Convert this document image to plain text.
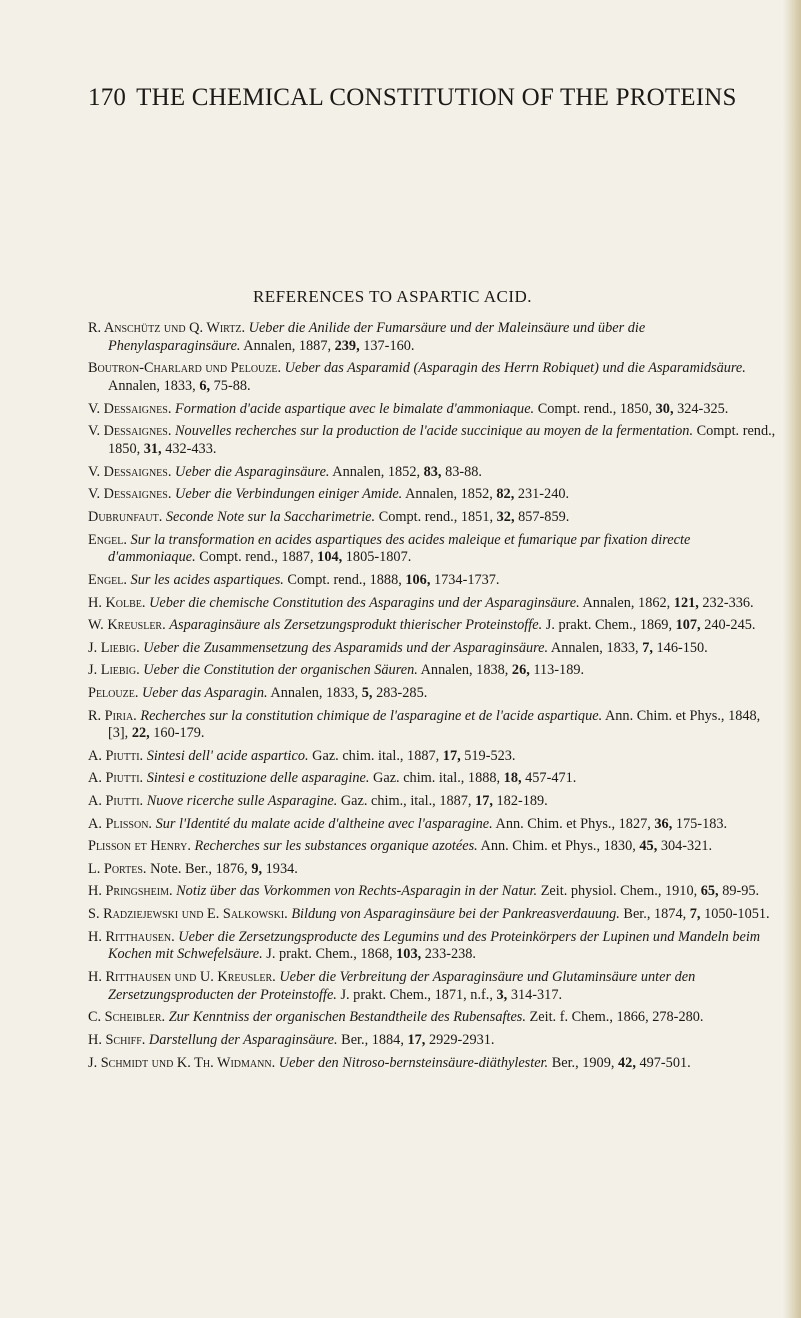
170 THE CHEMICAL CONSTITUTION OF THE PROTEINS
REFERENCES TO ASPARTIC ACID.

R. Anschütz und Q. Wirtz. Ueber die Anilide der Fumarsäure und der Maleinsäure und über die Phenylasparaginsäure. Annalen, 1887, 239, 137-160.

Boutron-Charlard und Pelouze. Ueber das Asparamid (Asparagin des Herrn Robiquet) und die Asparamidsäure. Annalen, 1833, 6, 75-88.

V. Dessaignes. Formation d'acide aspartique avec le bimalate d'ammoniaque. Compt. rend., 1850, 30, 324-325.

V. Dessaignes. Nouvelles recherches sur la production de l'acide succinique au moyen de la fermentation. Compt. rend., 1850, 31, 432-433.

V. Dessaignes. Ueber die Asparaginsäure. Annalen, 1852, 83, 83-88.

V. Dessaignes. Ueber die Verbindungen einiger Amide. Annalen, 1852, 82, 231-240.

Dubrunfaut. Seconde Note sur la Saccharimetrie. Compt. rend., 1851, 32, 857-859.

Engel. Sur la transformation en acides aspartiques des acides maleique et fumarique par fixation directe d'ammoniaque. Compt. rend., 1887, 104, 1805-1807.

Engel. Sur les acides aspartiques. Compt. rend., 1888, 106, 1734-1737.

H. Kolbe. Ueber die chemische Constitution des Asparagins und der Asparaginsäure. Annalen, 1862, 121, 232-336.

W. Kreusler. Asparaginsäure als Zersetzungsprodukt thierischer Proteinstoffe. J. prakt. Chem., 1869, 107, 240-245.

J. Liebig. Ueber die Zusammensetzung des Asparamids und der Asparaginsäure. Annalen, 1833, 7, 146-150.

J. Liebig. Ueber die Constitution der organischen Säuren. Annalen, 1838, 26, 113-189.

Pelouze. Ueber das Asparagin. Annalen, 1833, 5, 283-285.

R. Piria. Recherches sur la constitution chimique de l'asparagine et de l'acide aspartique. Ann. Chim. et Phys., 1848, [3], 22, 160-179.

A. Piutti. Sintesi dell' acide aspartico. Gaz. chim. ital., 1887, 17, 519-523.

A. Piutti. Sintesi e costituzione delle asparagine. Gaz. chim. ital., 1888, 18, 457-471.

A. Piutti. Nuove ricerche sulle Asparagine. Gaz. chim., ital., 1887, 17, 182-189.

A. Plisson. Sur l'Identité du malate acide d'altheine avec l'asparagine. Ann. Chim. et Phys., 1827, 36, 175-183.

Plisson et Henry. Recherches sur les substances organique azotées. Ann. Chim. et Phys., 1830, 45, 304-321.

L. Portes. Note. Ber., 1876, 9, 1934.

H. Pringsheim. Notiz über das Vorkommen von Rechts-Asparagin in der Natur. Zeit. physiol. Chem., 1910, 65, 89-95.

S. Radziejewski und E. Salkowski. Bildung von Asparaginsäure bei der Pankreasverdauung. Ber., 1874, 7, 1050-1051.

H. Ritthausen. Ueber die Zersetzungsproducte des Legumins und des Proteinkörpers der Lupinen und Mandeln beim Kochen mit Schwefelsäure. J. prakt. Chem., 1868, 103, 233-238.

H. Ritthausen und U. Kreusler. Ueber die Verbreitung der Asparaginsäure und Glutaminsäure unter den Zersetzungsproducten der Proteinstoffe. J. prakt. Chem., 1871, n.f., 3, 314-317.

C. Scheibler. Zur Kenntniss der organischen Bestandtheile des Rubensaftes. Zeit. f. Chem., 1866, 278-280.

H. Schiff. Darstellung der Asparaginsäure. Ber., 1884, 17, 2929-2931.

J. Schmidt und K. Th. Widmann. Ueber den Nitroso-bernsteinsäure-diäthylester. Ber., 1909, 42, 497-501.
